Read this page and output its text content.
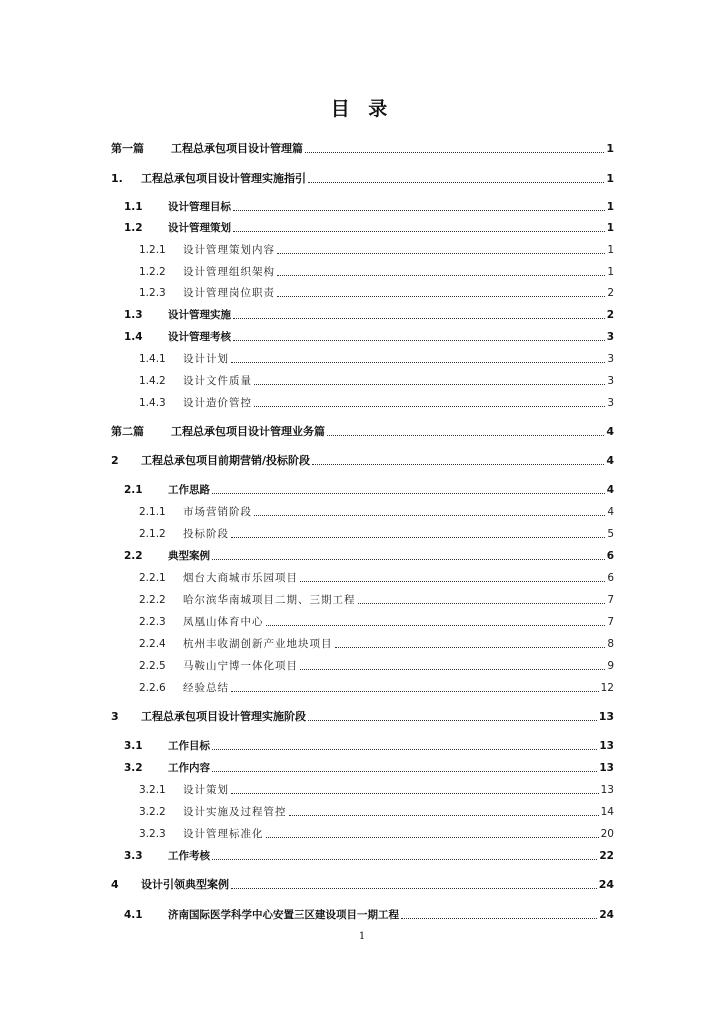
目 录
第一篇	工程总承包项目设计管理篇	1
1.	工程总承包项目设计管理实施指引	1
1.1	设计管理目标	1
1.2	设计管理策划	1
1.2.1	设计管理策划内容	1
1.2.2	设计管理组织架构	1
1.2.3	设计管理岗位职责	2
1.3	设计管理实施	2
1.4	设计管理考核	3
1.4.1	设计计划	3
1.4.2	设计文件质量	3
1.4.3	设计造价管控	3
第二篇	工程总承包项目设计管理业务篇	4
2	工程总承包项目前期营销/投标阶段	4
2.1	工作思路	4
2.1.1	市场营销阶段	4
2.1.2	投标阶段	5
2.2	典型案例	6
2.2.1	烟台大商城市乐园项目	6
2.2.2	哈尔滨华南城项目二期、三期工程	7
2.2.3	凤凰山体育中心	7
2.2.4	杭州丰收湖创新产业地块项目	8
2.2.5	马鞍山宁博一体化项目	9
2.2.6	经验总结	12
3	工程总承包项目设计管理实施阶段	13
3.1	工作目标	13
3.2	工作内容	13
3.2.1	设计策划	13
3.2.2	设计实施及过程管控	14
3.2.3	设计管理标准化	20
3.3	工作考核	22
4	设计引领典型案例	24
4.1	济南国际医学科学中心安置三区建设项目一期工程	24
1
